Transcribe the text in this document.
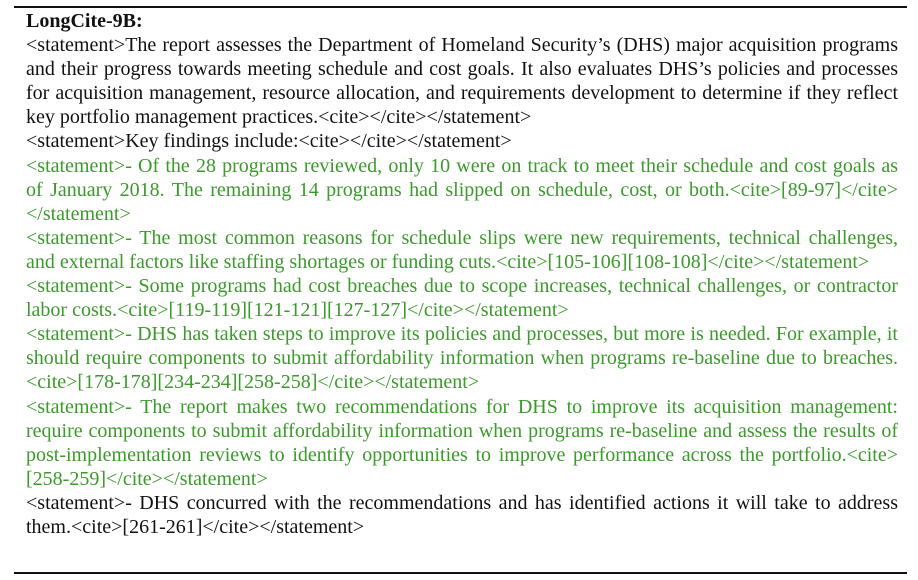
LongCite-9B:

<statement>The report assesses the Department of Homeland Security’s (DHS) major acquisition programs and their progress towards meeting schedule and cost goals. It also evaluates DHS’s policies and processes for acquisition management, resource allocation, and requirements development to determine if they reflect key portfolio management practices.<cite></cite></statement>

<statement>Key findings include:<cite></cite></statement>

<statement>- Of the 28 programs reviewed, only 10 were on track to meet their schedule and cost goals as of January 2018. The remaining 14 programs had slipped on schedule, cost, or both.<cite>[89-97]</cite></statement>

<statement>- The most common reasons for schedule slips were new requirements, technical challenges, and external factors like staffing shortages or funding cuts.<cite>[105-106][108-108]</cite></statement>

<statement>- Some programs had cost breaches due to scope increases, technical challenges, or contractor labor costs.<cite>[119-119][121-121][127-127]</cite></statement>

<statement>- DHS has taken steps to improve its policies and processes, but more is needed. For example, it should require components to submit affordability information when programs re-baseline due to breaches.<cite>[178-178][234-234][258-258]</cite></statement>

<statement>- The report makes two recommendations for DHS to improve its acquisition management: require components to submit affordability information when programs re-baseline and assess the results of post-implementation reviews to identify opportunities to improve performance across the portfolio.<cite>[258-259]</cite></statement>

<statement>- DHS concurred with the recommendations and has identified actions it will take to address them.<cite>[261-261]</cite></statement>
